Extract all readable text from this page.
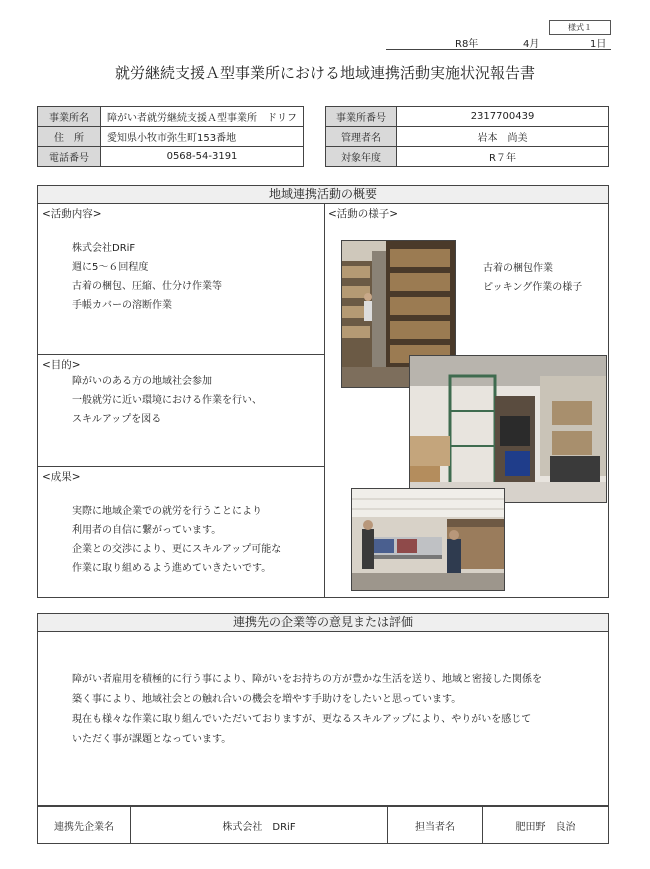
様式１
R8年	4月	1日
就労継続支援Ａ型事業所における地域連携活動実施状況報告書
事業所名	障がい者就労継続支援Ａ型事業所　ドリフ
住　所	愛知県小牧市弥生町153番地
電話番号	0568-54-3191
事業所番号	2317700439
管理者名	岩本　尚美
対象年度	R７年
地域連携活動の概要
<活動内容>
株式会社DRiF
週に5～６回程度
古着の梱包、圧縮、仕分け作業等
手帳カバーの溶断作業
<目的>
障がいのある方の地域社会参加
一般就労に近い環境における作業を行い、
スキルアップを図る
<成果>
実際に地域企業での就労を行うことにより
利用者の自信に繋がっています。
企業との交渉により、更にスキルアップ可能な
作業に取り組めるよう進めていきたいです。
<活動の様子>
古着の梱包作業
ピッキング作業の様子
連携先の企業等の意見または評価
障がい者雇用を積極的に行う事により、障がいをお持ちの方が豊かな生活を送り、地域と密接した関係を
築く事により、地域社会との触れ合いの機会を増やす手助けをしたいと思っています。
現在も様々な作業に取り組んでいただいておりますが、更なるスキルアップにより、やりがいを感じて
いただく事が課題となっています。
連携先企業名	株式会社　DRiF	担当者名	肥田野　良治
